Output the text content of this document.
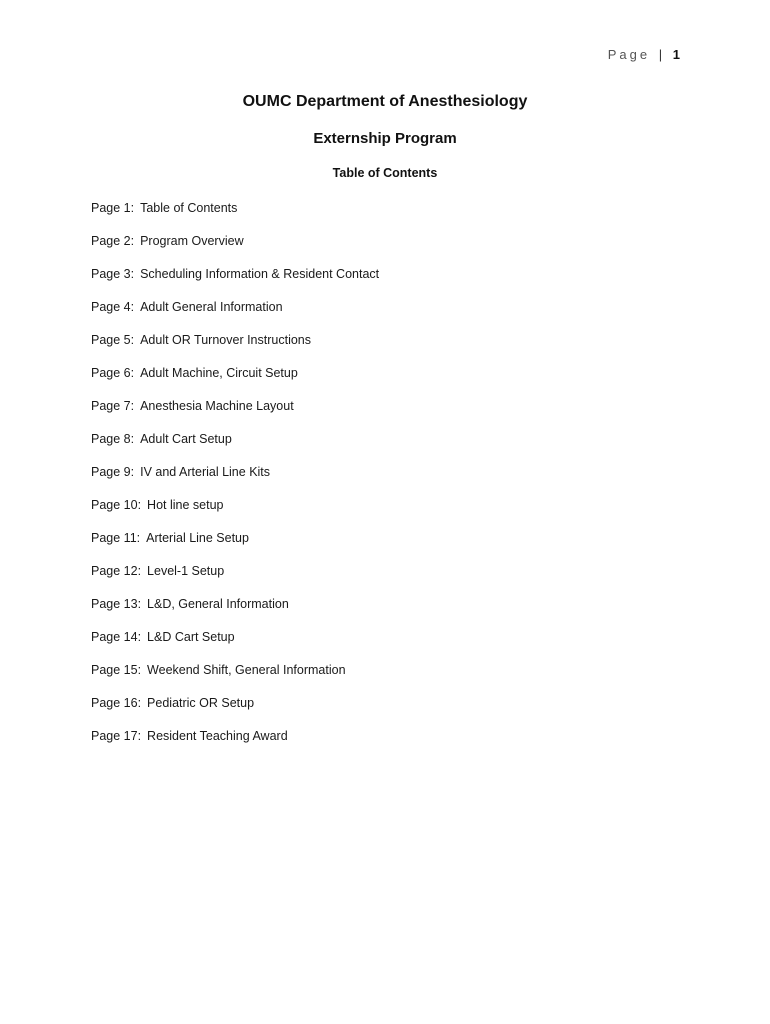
Page | 1
OUMC Department of Anesthesiology
Externship Program
Table of Contents
Page 1: Table of Contents
Page 2: Program Overview
Page 3: Scheduling Information & Resident Contact
Page 4: Adult General Information
Page 5: Adult OR Turnover Instructions
Page 6: Adult Machine, Circuit Setup
Page 7: Anesthesia Machine Layout
Page 8: Adult Cart Setup
Page 9: IV and Arterial Line Kits
Page 10: Hot line setup
Page 11: Arterial Line Setup
Page 12: Level-1 Setup
Page 13: L&D, General Information
Page 14: L&D Cart Setup
Page 15: Weekend Shift, General Information
Page 16: Pediatric OR Setup
Page 17: Resident Teaching Award
